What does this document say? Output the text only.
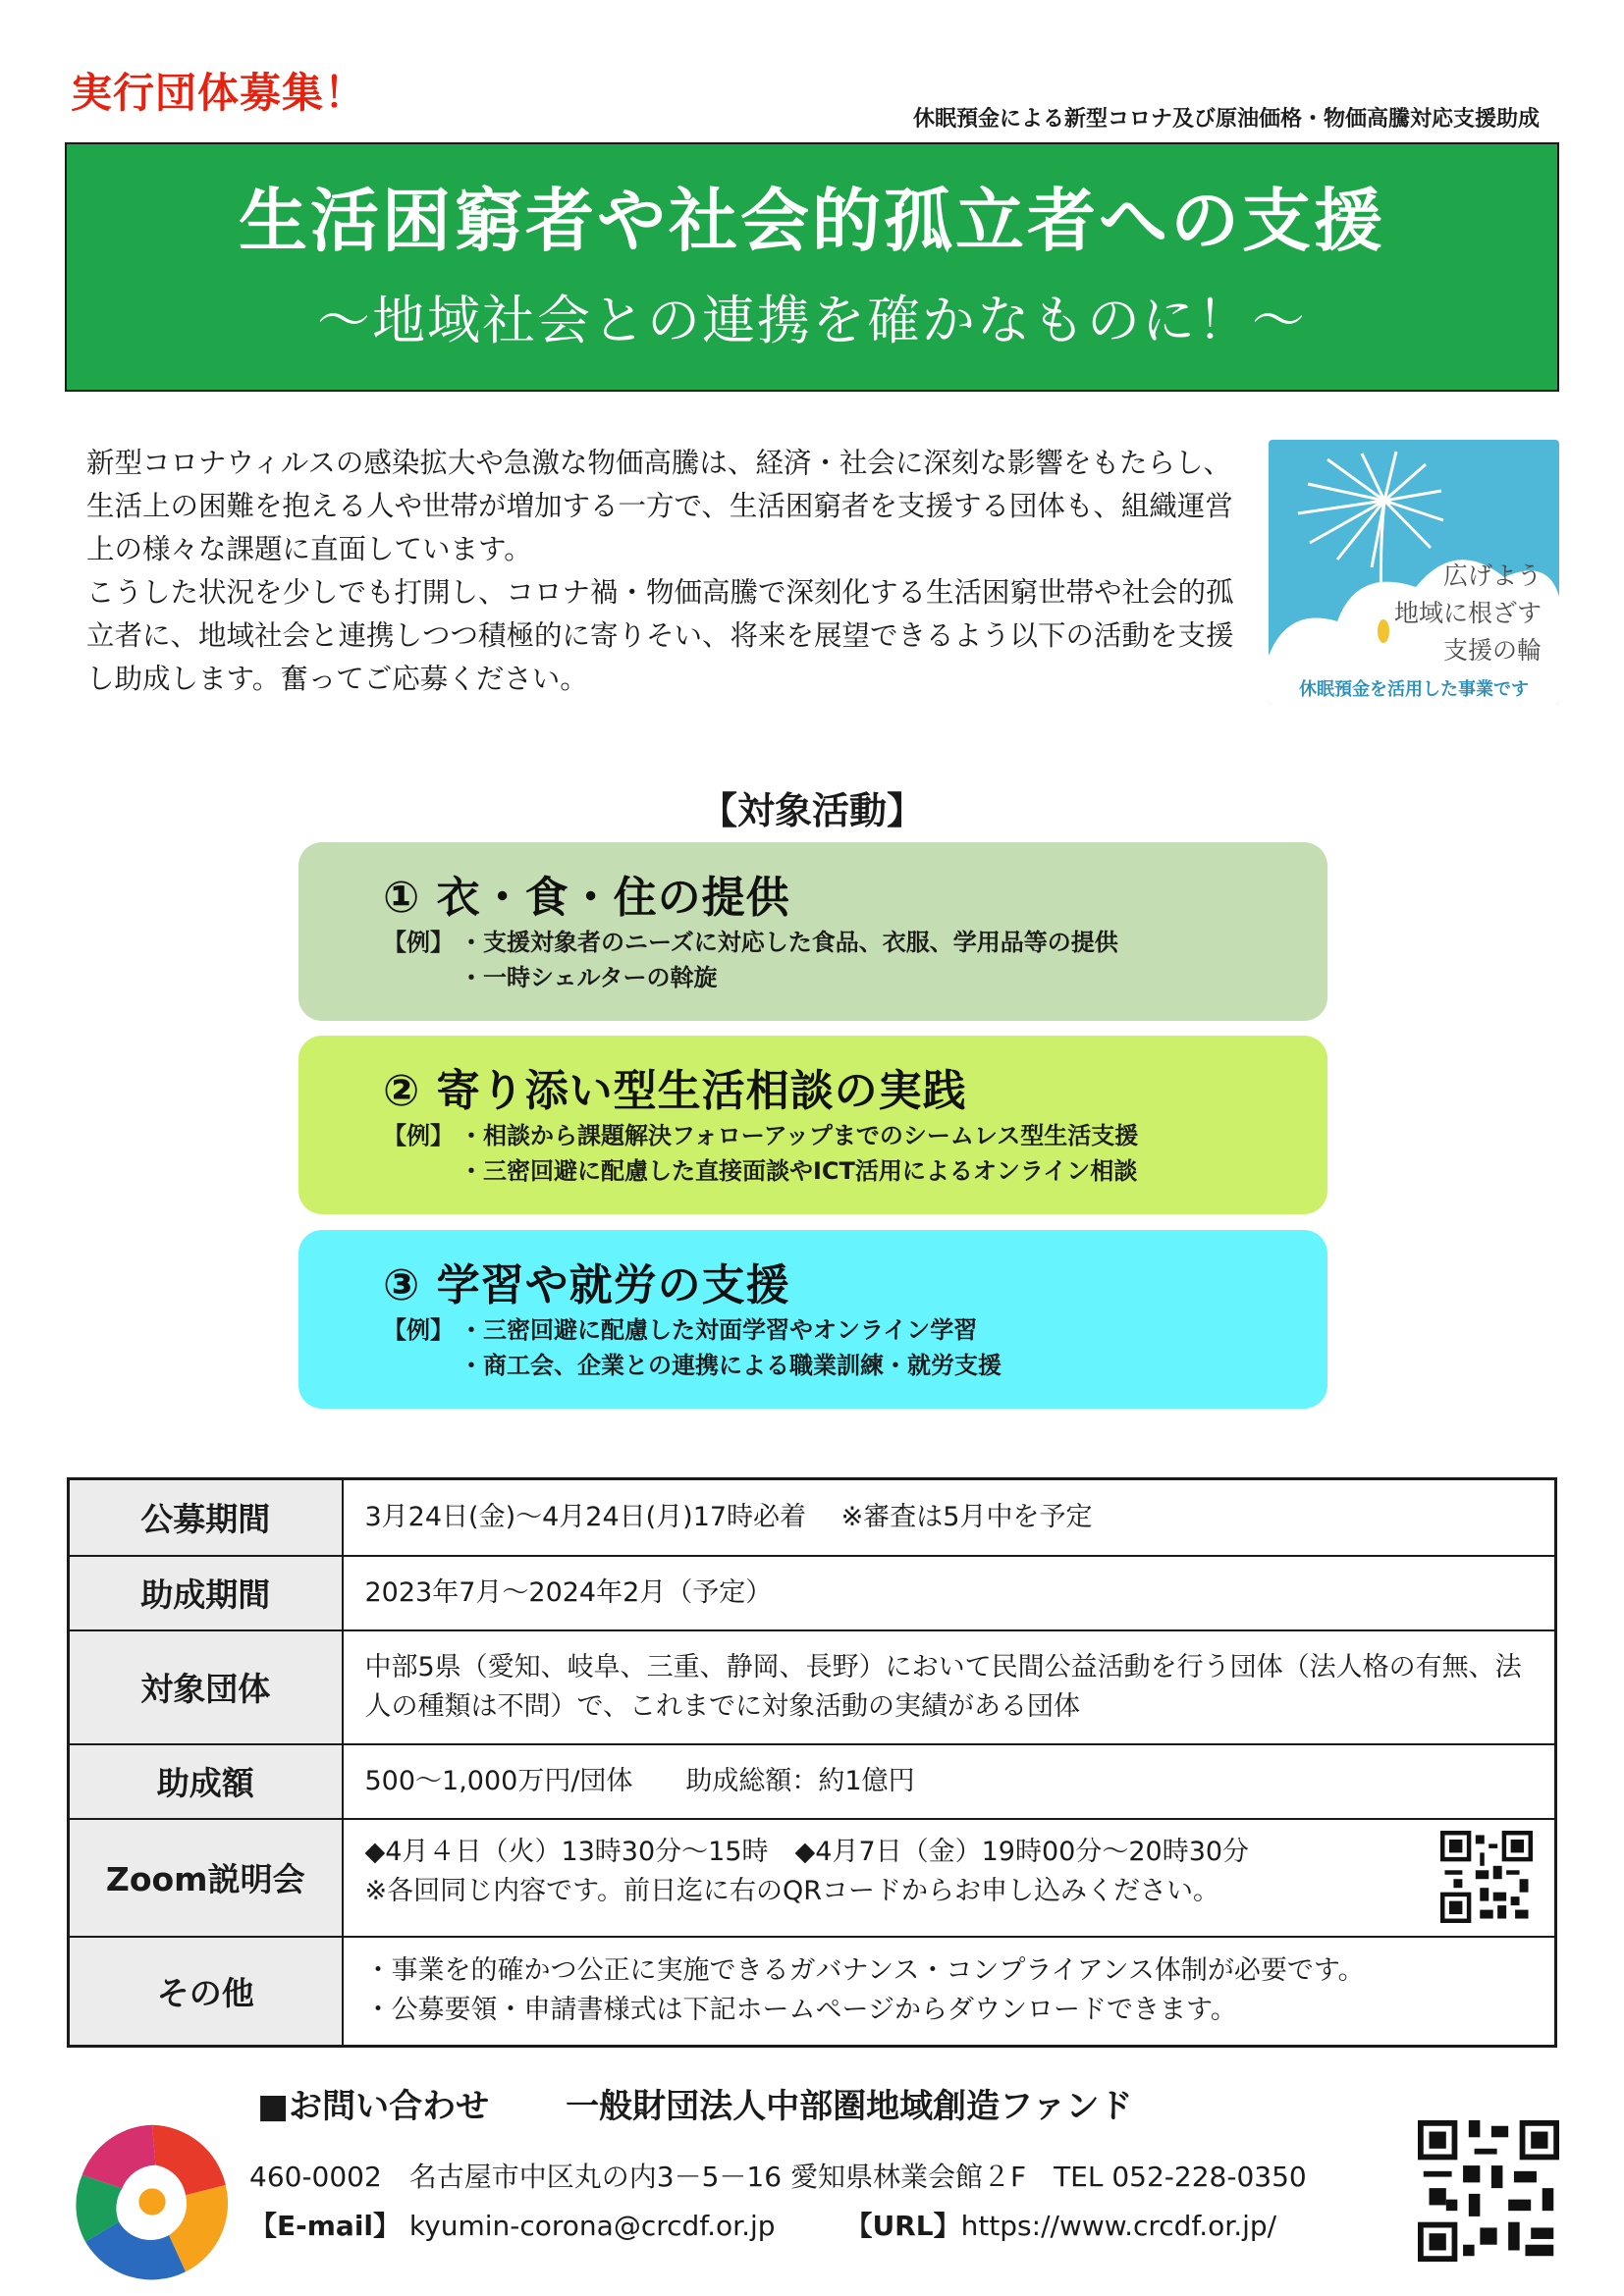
実行団体募集！
休眠預金による新型コロナ及び原油価格・物価高騰対応支援助成
生活困窮者や社会的孤立者への支援
～地域社会との連携を確かなものに！～

新型コロナウィルスの感染拡大や急激な物価高騰は、経済・社会に深刻な影響をもたらし、生活上の困難を抱える人や世帯が増加する一方で、生活困窮者を支援する団体も、組織運営上の様々な課題に直面しています。

こうした状況を少しでも打開し、コロナ禍・物価高騰で深刻化する生活困窮世帯や社会的孤立者に、地域社会と連携しつつ積極的に寄りそい、将来を展望できるよう以下の活動を支援し助成します。奮ってご応募ください。

広げよう
地域に根ざす
支援の輪
休眠預金を活用した事業です
【対象活動】
① 衣・食・住の提供
【例】 ・支援対象者のニーズに対応した食品、衣服、学用品等の提供
・一時シェルターの斡旋
② 寄り添い型生活相談の実践
【例】 ・相談から課題解決フォローアップまでのシームレス型生活支援
・三密回避に配慮した直接面談やICT活用によるオンライン相談
③ 学習や就労の支援
【例】 ・三密回避に配慮した対面学習やオンライン学習
・商工会、企業との連携による職業訓練・就労支援
公募期間	3月24日(金)～4月24日(月)17時必着　 ※審査は5月中を予定

助成期間	2023年7月～2024年2月（予定）

対象団体	中部5県（愛知、岐阜、三重、静岡、長野）において民間公益活動を行う団体（法人格の有無、法人の種類は不問）で、これまでに対象活動の実績がある団体

助成額	500～1,000万円/団体　　助成総額：約1億円

Zoom説明会	◆4月４日（火）13時30分～15時　◆4月7日（金）19時00分～20時30分
※各回同じ内容です。前日迄に右のQRコードからお申し込みください。

その他	・事業を的確かつ公正に実施できるガバナンス・コンプライアンス体制が必要です。
・公募要領・申請書様式は下記ホームページからダウンロードできます。
■お問い合わせ 一般財団法人中部圏地域創造ファンド
460-0002　名古屋市中区丸の内3－5－16 愛知県林業会館２F　TEL 052-228-0350
【E-mail】 kyumin-corona@crcdf.or.jp	【URL】https://www.crcdf.or.jp/
